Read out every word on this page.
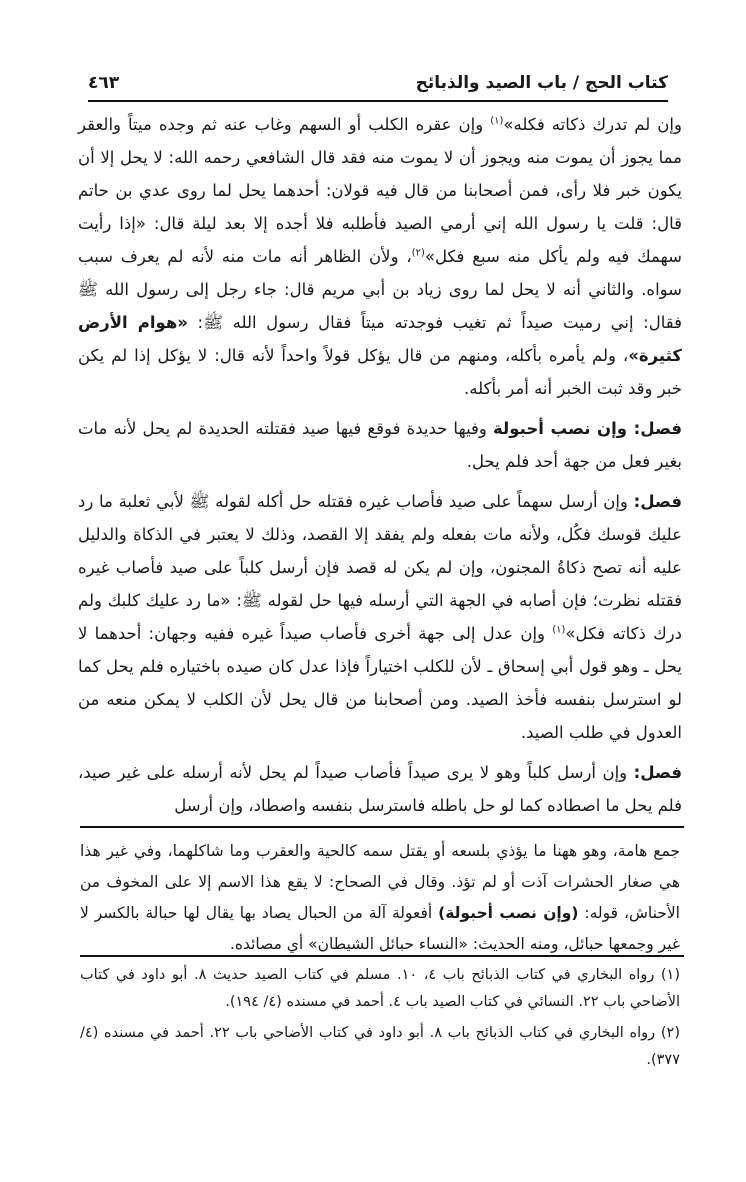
كتاب الحج / باب الصيد والذبائح
٤٦٣

وإن لم تدرك ذكاته فكله»$^{(١)}$ وإن عقره الكلب أو السهم وغاب عنه ثم وجده ميتاً والعقر مما يجوز أن يموت منه ويجوز أن لا يموت منه فقد قال الشافعي رحمه الله: لا يحل إلا أن يكون خبر فلا رأى، فمن أصحابنا من قال فيه قولان: أحدهما يحل لما روى عدي بن حاتم قال: قلت يا رسول الله إني أرمي الصيد فأطلبه فلا أجده إلا بعد ليلة قال: «إذا رأيت سهمك فيه ولم يأكل منه سبع فكل»$^{(٢)}$، ولأن الظاهر أنه مات منه لأنه لم يعرف سبب سواه. والثاني أنه لا يحل لما روى زياد بن أبي مريم قال: جاء رجل إلى رسول الله ﷺ فقال: إني رميت صيداً ثم تغيب فوجدته ميتاً فقال رسول الله ﷺ: «هوام الأرض كثيرة»، ولم يأمره بأكله، ومنهم من قال يؤكل قولاً واحداً لأنه قال: لا يؤكل إذا لم يكن خبر وقد ثبت الخبر أنه أمر بأكله.

فصل: وإن نصب أحبولة وفيها حديدة فوقع فيها صيد فقتلته الحديدة لم يحل لأنه مات بغير فعل من جهة أحد فلم يحل.

فصل: وإن أرسل سهماً على صيد فأصاب غيره فقتله حل أكله لقوله ﷺ لأبي ثعلبة ما رد عليك قوسك فكُل، ولأنه مات بفعله ولم يفقد إلا القصد، وذلك لا يعتبر في الذكاة والدليل عليه أنه تصح ذكاةُ المجنون، وإن لم يكن له قصد فإن أرسل كلباً على صيد فأصاب غيره فقتله نظرت؛ فإن أصابه في الجهة التي أرسله فيها حل لقوله ﷺ: «ما رد عليك كلبك ولم درك ذكاته فكل»$^{(١)}$ وإن عدل إلى جهة أخرى فأصاب صيداً غيره ففيه وجهان: أحدهما لا يحل ـ وهو قول أبي إسحاق ـ لأن للكلب اختياراً فإذا عدل كان صيده باختياره فلم يحل كما لو استرسل بنفسه فأخذ الصيد. ومن أصحابنا من قال يحل لأن الكلب لا يمكن منعه من العدول في طلب الصيد.

فصل: وإن أرسل كلباً وهو لا يرى صيداً فأصاب صيداً لم يحل لأنه أرسله على غير صيد، فلم يحل ما اصطاده كما لو حل باطله فاسترسل بنفسه واصطاد، وإن أرسل

جمع هامة، وهو ههنا ما يؤذي بلسعه أو يقتل سمه كالحية والعقرب وما شاكلهما، وفي غير هذا هي صغار الحشرات آذت أو لم تؤذ. وقال في الصحاح: لا يقع هذا الاسم إلا على المخوف من الأحناش، قوله: (وإن نصب أحبولة) أفعولة آلة من الحبال يصاد بها يقال لها حبالة بالكسر لا غير وجمعها حبائل، ومنه الحديث: «النساء حبائل الشيطان» أي مصائده.

(١) رواه البخاري في كتاب الذبائح باب ٤، ١٠. مسلم في كتاب الصيد حديث ٨. أبو داود في كتاب الأضاحي باب ٢٢. النسائي في كتاب الصيد باب ٤. أحمد في مسنده (٤/ ١٩٤).

(٢) رواه البخاري في كتاب الذبائح باب ٨. أبو داود في كتاب الأضاحي باب ٢٢. أحمد في مسنده (٤/ ٣٧٧).
